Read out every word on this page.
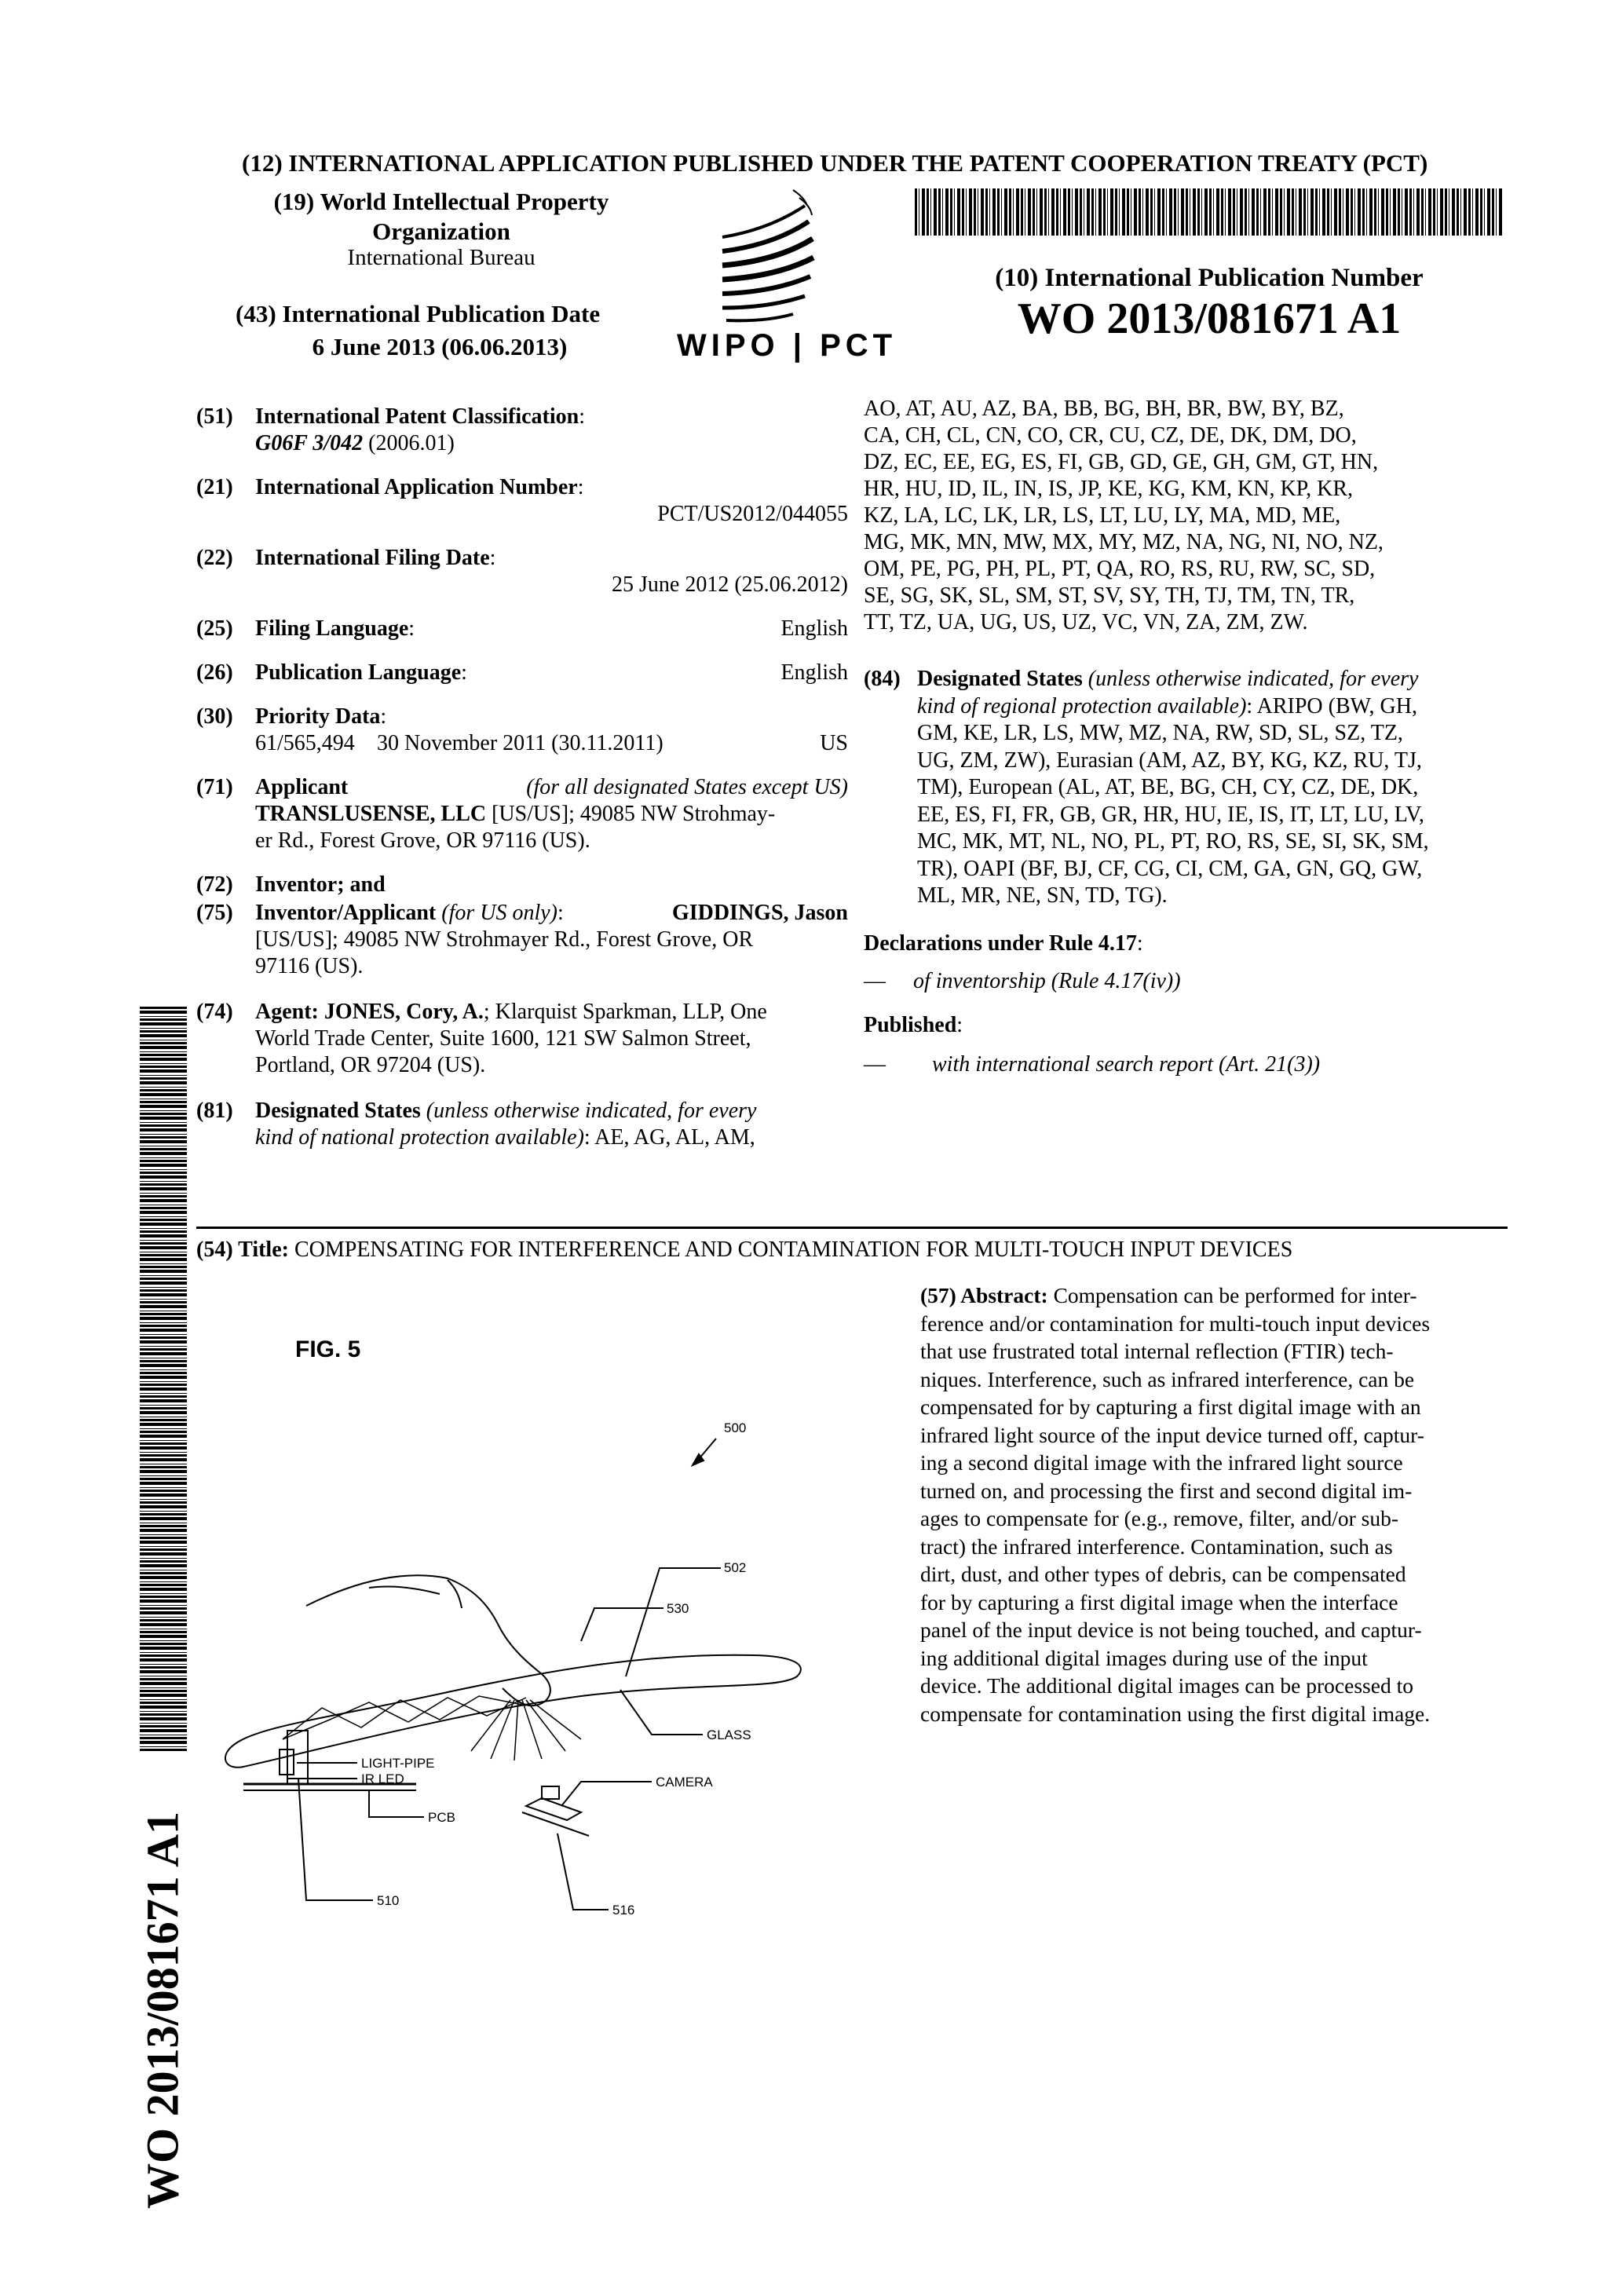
(12) INTERNATIONAL APPLICATION PUBLISHED UNDER THE PATENT COOPERATION TREATY (PCT)
(19) World Intellectual Property
Organization
International Bureau
(43) International Publication Date
6 June 2013 (06.06.2013)	WIPO | PCT
(10) International Publication Number
WO 2013/081671 A1
(51) International Patent Classification:
G06F 3/042 (2006.01)
(21) International Application Number:
PCT/US2012/044055
(22) International Filing Date:
25 June 2012 (25.06.2012)
(25) Filing Language:	English
(26) Publication Language:	English
(30) Priority Data:
61/565,494 30 November 2011 (30.11.2011)	US
(71) Applicant	(for all designated States except US)
TRANSLUSENSE, LLC [US/US]; 49085 NW Strohmay-
er Rd., Forest Grove, OR 97116 (US).
(72) Inventor; and
(75) Inventor/Applicant (for US only):	GIDDINGS, Jason
[US/US]; 49085 NW Strohmayer Rd., Forest Grove, OR
97116 (US).
(74) Agent: JONES, Cory, A.; Klarquist Sparkman, LLP, One
World Trade Center, Suite 1600, 121 SW Salmon Street,
Portland, OR 97204 (US).
(81) Designated States (unless otherwise indicated, for every
kind of national protection available): AE, AG, AL, AM,
AO, AT, AU, AZ, BA, BB, BG, BH, BR, BW, BY, BZ,
CA, CH, CL, CN, CO, CR, CU, CZ, DE, DK, DM, DO,
DZ, EC, EE, EG, ES, FI, GB, GD, GE, GH, GM, GT, HN,
HR, HU, ID, IL, IN, IS, JP, KE, KG, KM, KN, KP, KR,
KZ, LA, LC, LK, LR, LS, LT, LU, LY, MA, MD, ME,
MG, MK, MN, MW, MX, MY, MZ, NA, NG, NI, NO, NZ,
OM, PE, PG, PH, PL, PT, QA, RO, RS, RU, RW, SC, SD,
SE, SG, SK, SL, SM, ST, SV, SY, TH, TJ, TM, TN, TR,
TT, TZ, UA, UG, US, UZ, VC, VN, ZA, ZM, ZW.
(84) Designated States (unless otherwise indicated, for every
kind of regional protection available): ARIPO (BW, GH,
GM, KE, LR, LS, MW, MZ, NA, RW, SD, SL, SZ, TZ,
UG, ZM, ZW), Eurasian (AM, AZ, BY, KG, KZ, RU, TJ,
TM), European (AL, AT, BE, BG, CH, CY, CZ, DE, DK,
EE, ES, FI, FR, GB, GR, HR, HU, IE, IS, IT, LT, LU, LV,
MC, MK, MT, NL, NO, PL, PT, RO, RS, SE, SI, SK, SM,
TR), OAPI (BF, BJ, CF, CG, CI, CM, GA, GN, GQ, GW,
ML, MR, NE, SN, TD, TG).
Declarations under Rule 4.17:
— of inventorship (Rule 4.17(iv))
Published:
— with international search report (Art. 21(3))
(54) Title: COMPENSATING FOR INTERFERENCE AND CONTAMINATION FOR MULTI-TOUCH INPUT DEVICES
(57) Abstract: Compensation can be performed for inter-
ference and/or contamination for multi-touch input devices
that use frustrated total internal reflection (FTIR) tech-
niques. Interference, such as infrared interference, can be
compensated for by capturing a first digital image with an
infrared light source of the input device turned off, captur-
ing a second digital image with the infrared light source
turned on, and processing the first and second digital im-
ages to compensate for (e.g., remove, filter, and/or sub-
tract) the infrared interference. Contamination, such as
dirt, dust, and other types of debris, can be compensated
for by capturing a first digital image when the interface
panel of the input device is not being touched, and captur-
ing additional digital images during use of the input
device. The additional digital images can be processed to
compensate for contamination using the first digital image.
FIG. 5
500
502
530
GLASS
LIGHT-PIPE
IR LED	CAMERA
PCB
510
516
WO 2013/081671 A1
